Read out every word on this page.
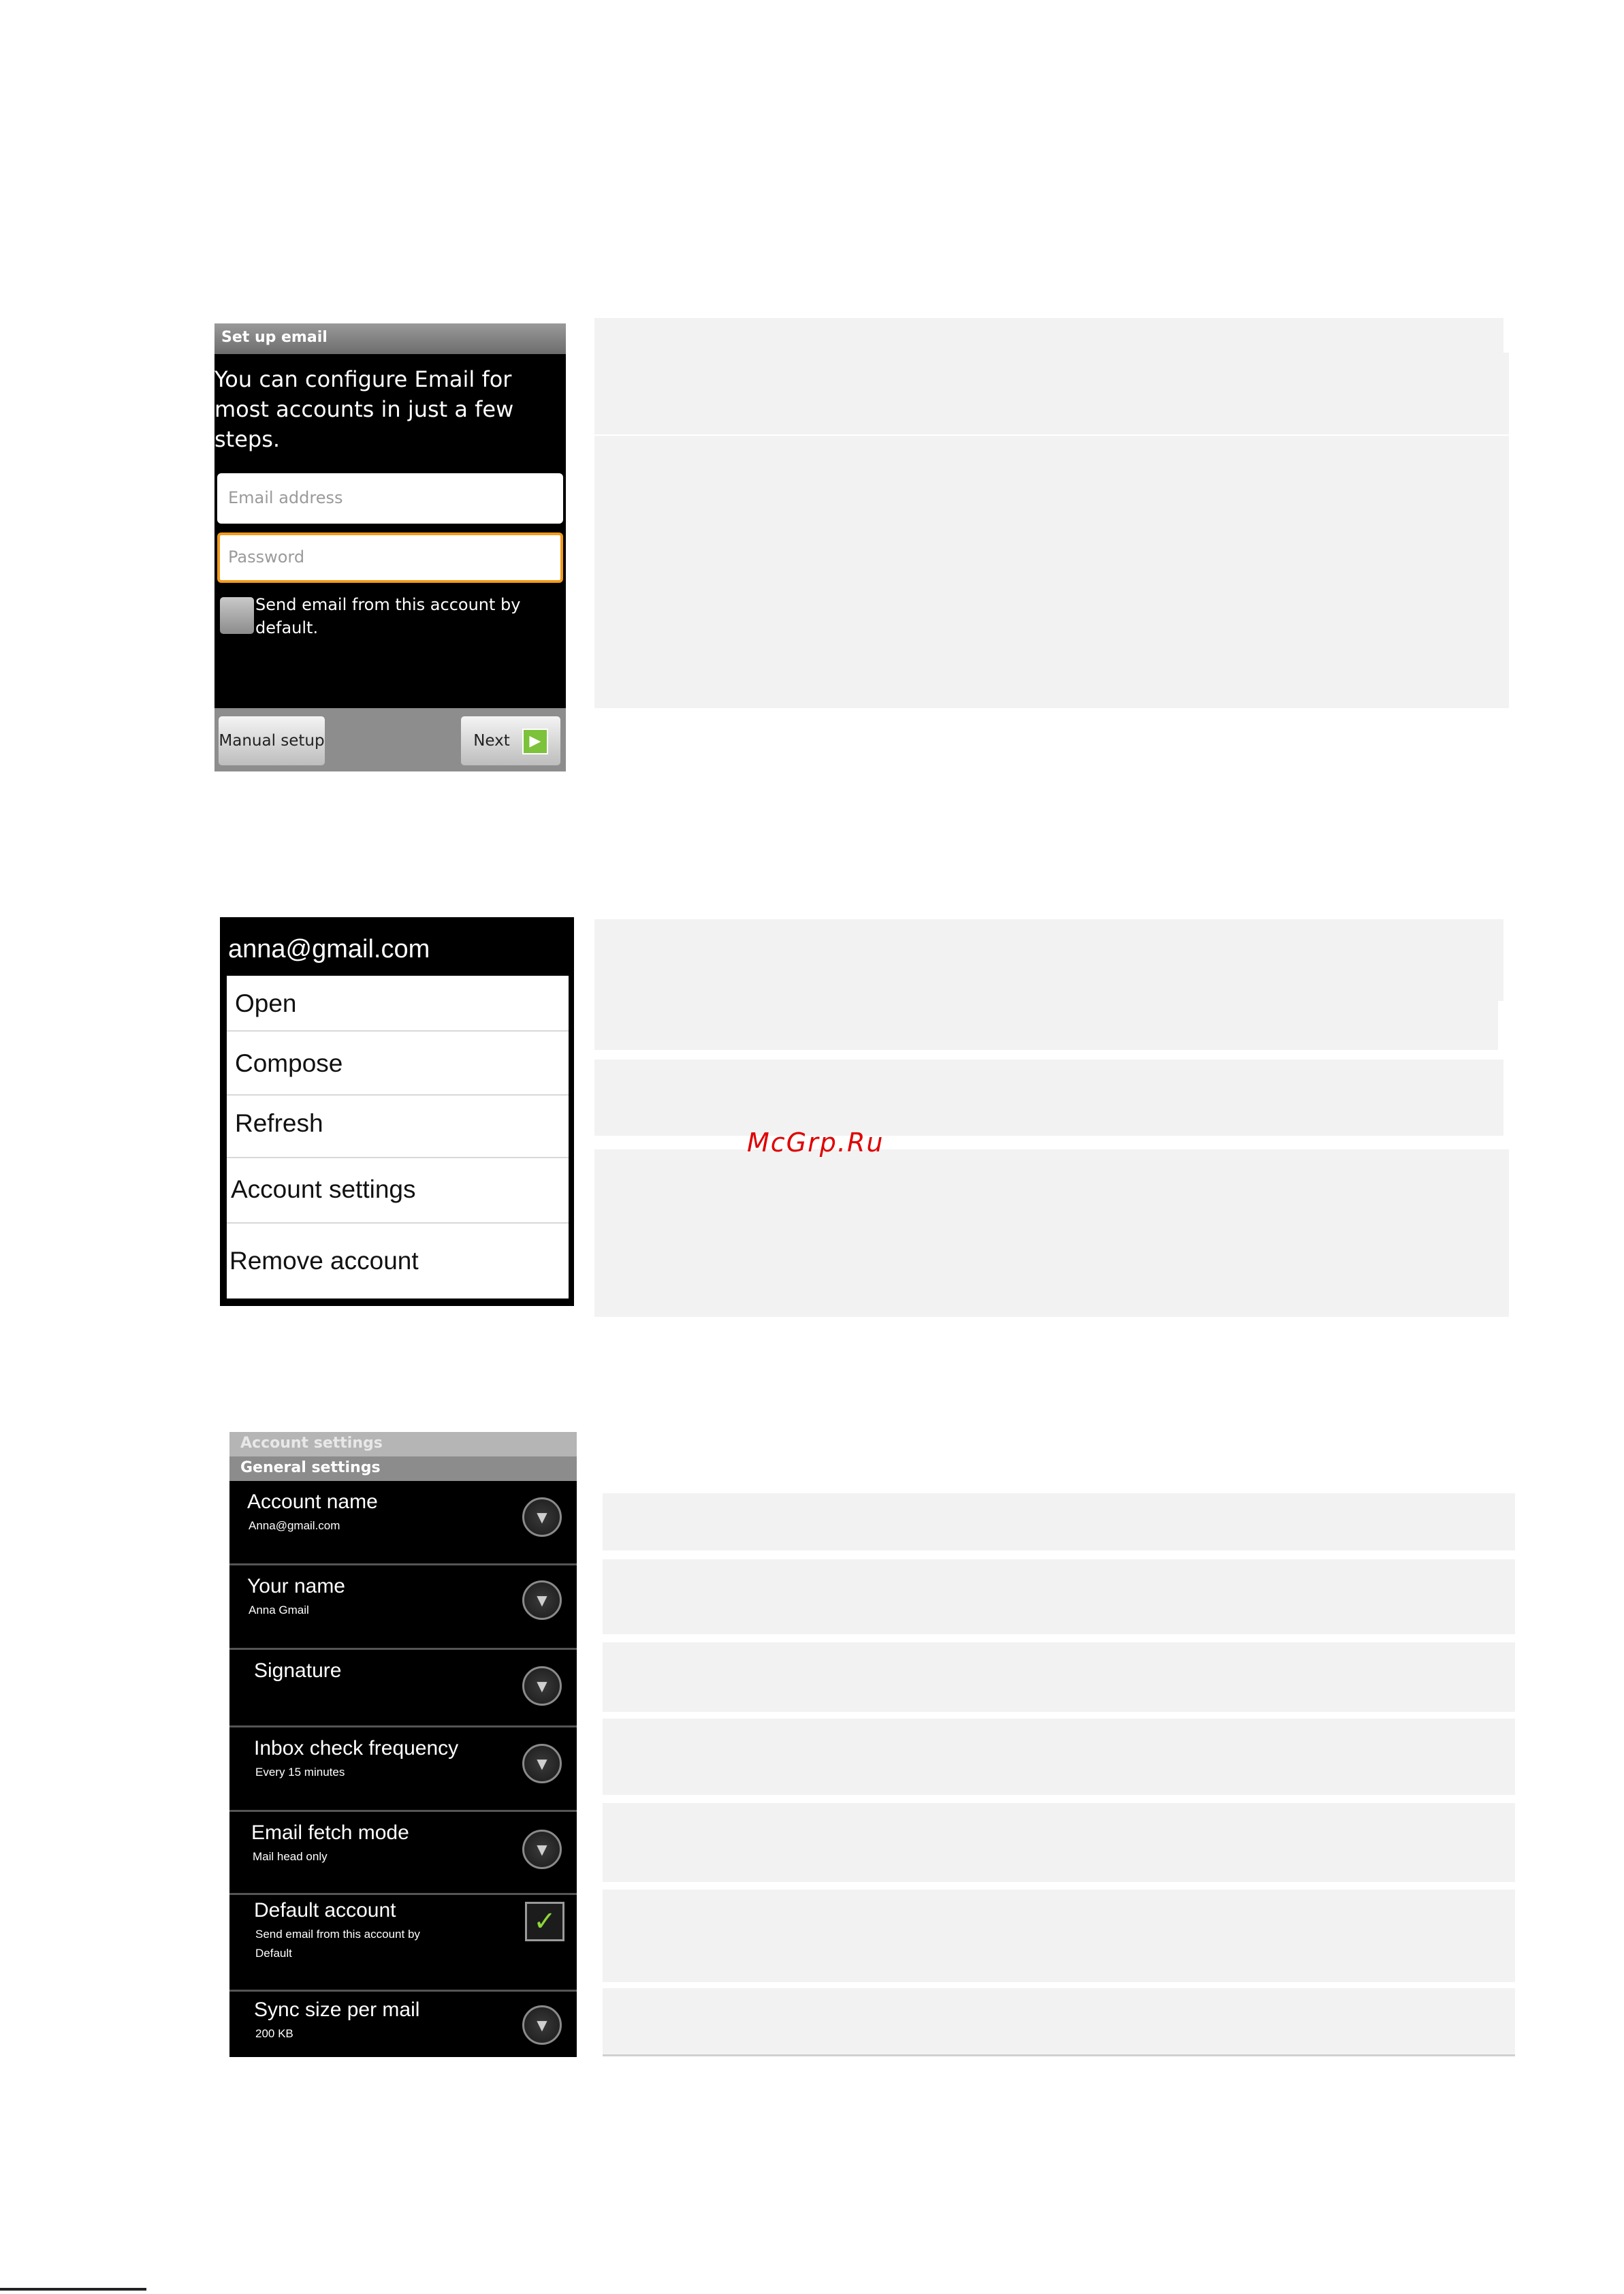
Set up email
You can configure Email for most accounts in just a few steps.
Email address
Password
Send email from this account by default.
Manual setup	Next ▶
anna@gmail.com
Open
Compose
Refresh
Account settings
Remove account
Account settings
General settings
Account name
Anna@gmail.com
▼
Your name
Anna Gmail
▼
Signature
▼
Inbox check frequency
Every 15 minutes
▼
Email fetch mode
Mail head only	▼
Default account
Send email from this account by Default
✓
Sync size per mail
200 KB
▼
McGrp.Ru
